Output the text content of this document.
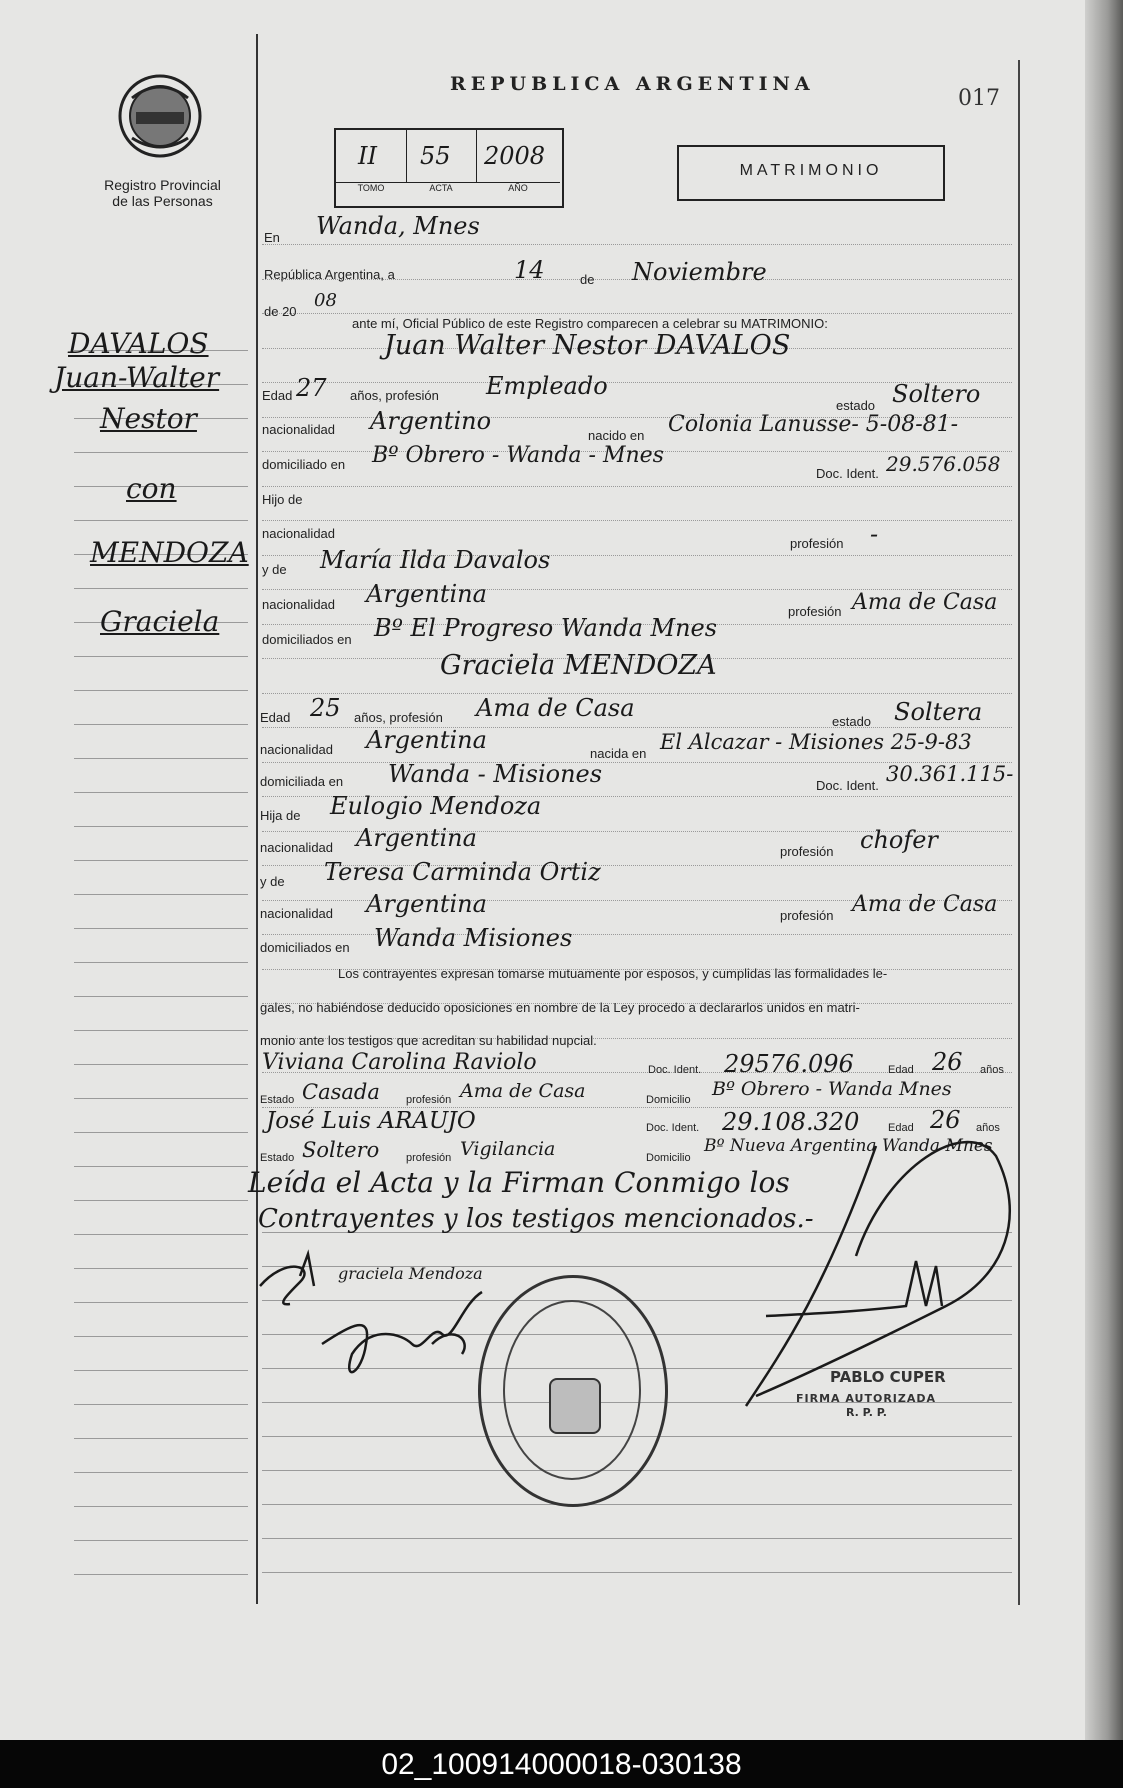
Registro Provincial
de las Personas
REPUBLICA ARGENTINA
017
II 55 2008
TOMO	ACTA	AÑO
MATRIMONIO
DAVALOS
Juan-Walter
Nestor
con
MENDOZA
Graciela
En Wanda, Mnes
República Argentina, a	14	de Noviembre
de 20
08
ante mí, Oficial Público de este Registro comparecen a celebrar su MATRIMONIO:
Juan Walter Nestor DAVALOS
Edad 27 años, profesión Empleado
estado Soltero
nacionalidad Argentino
nacido en Colonia Lanusse- 5-08-81-
domiciliado en Bº Obrero - Wanda - Mnes
Doc. Ident. 29.576.058
Hijo de
nacionalidad
profesión -
y de María Ilda Davalos
nacionalidad Argentina
profesión Ama de Casa
domiciliados en Bº El Progreso Wanda Mnes
Graciela MENDOZA
Edad 25 años, profesión Ama de Casa	estado Soltera
nacionalidad Argentina	nacida en El Alcazar - Misiones 25-9-83
domiciliada en Wanda - Misiones	Doc. Ident. 30.361.115-
Hija de Eulogio Mendoza
nacionalidad Argentina	profesión chofer
y de Teresa Carminda Ortiz
nacionalidad Argentina	profesión Ama de Casa
domiciliados en Wanda Misiones
Los contrayentes expresan tomarse mutuamente por esposos, y cumplidas las formalidades le-
gales, no habiéndose deducido oposiciones en nombre de la Ley procedo a declararlos unidos en matri-
monio ante los testigos que acreditan su habilidad nupcial.
Viviana Carolina Raviolo	Doc. Ident. 29576.096	Edad 26 años
Estado Casada profesión Ama de Casa	Domicilio Bº Obrero - Wanda Mnes
José Luis ARAUJO	Doc. Ident. 29.108.320	Edad 26 años
Estado Soltero profesión Vigilancia	Domicilio
Bº Nueva Argentina Wanda Mnes
Leída el Acta y la Firman Conmigo los
Contrayentes y los testigos mencionados.-
graciela Mendoza
PABLO CUPER
FIRMA AUTORIZADA
R. P. P.
02_100914000018-030138
